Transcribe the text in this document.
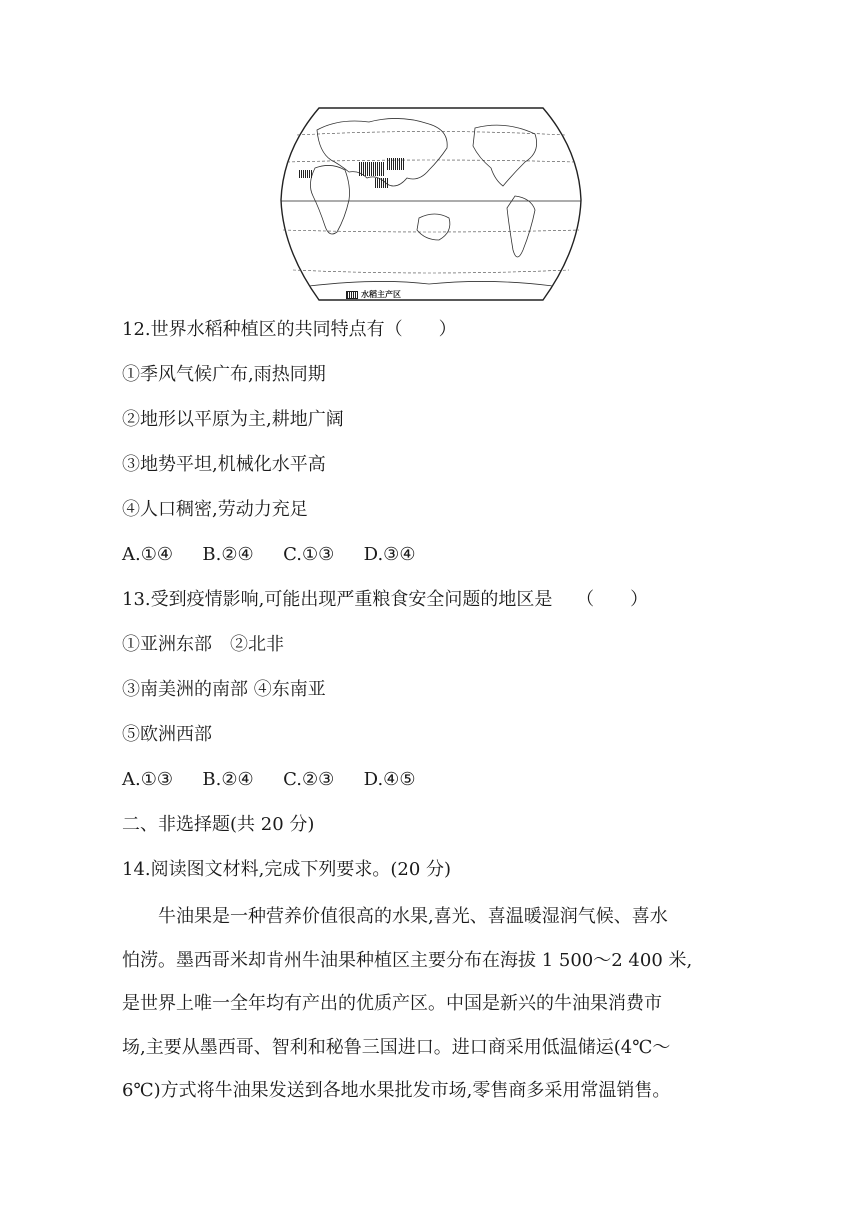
水稻主产区
12.世界水稻种植区的共同特点有（　　）
①季风气候广布,雨热同期
②地形以平原为主,耕地广阔
③地势平坦,机械化水平高
④人口稠密,劳动力充足
A.①④　  B.②④　  C.①③　  D.③④
13.受到疫情影响,可能出现严重粮食安全问题的地区是　 （　　）
①亚洲东部　②北非
③南美洲的南部 ④东南亚
⑤欧洲西部
A.①③　  B.②④　  C.②③　  D.④⑤
二、非选择题(共 20 分)
14.阅读图文材料,完成下列要求。(20 分)
　　牛油果是一种营养价值很高的水果,喜光、喜温暖湿润气候、喜水
怕涝。墨西哥米却肯州牛油果种植区主要分布在海拔 1 500～2 400 米,
是世界上唯一全年均有产出的优质产区。中国是新兴的牛油果消费市
场,主要从墨西哥、智利和秘鲁三国进口。进口商采用低温储运(4℃～
6℃)方式将牛油果发送到各地水果批发市场,零售商多采用常温销售。
